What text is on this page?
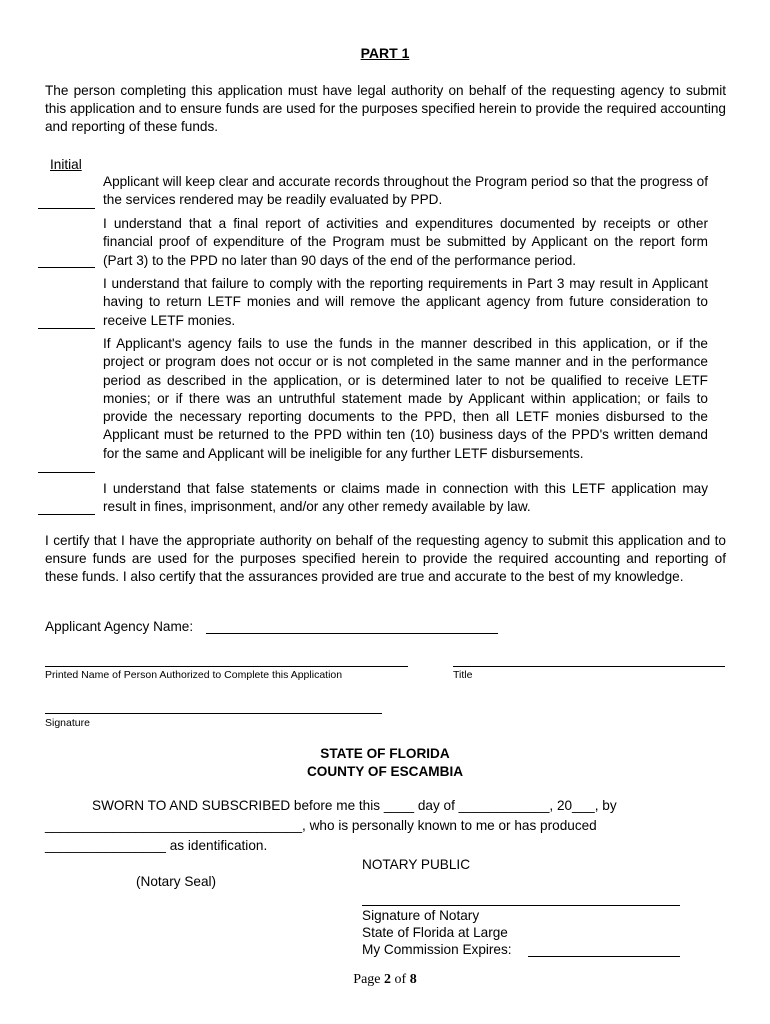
PART 1
The person completing this application must have legal authority on behalf of the requesting agency to submit this application and to ensure funds are used for the purposes specified herein to provide the required accounting and reporting of these funds.
Initial
Applicant will keep clear and accurate records throughout the Program period so that the progress of the services rendered may be readily evaluated by PPD.
I understand that a final report of activities and expenditures documented by receipts or other financial proof of expenditure of the Program must be submitted by Applicant on the report form (Part 3) to the PPD no later than 90 days of the end of the performance period.
I understand that failure to comply with the reporting requirements in Part 3 may result in Applicant having to return LETF monies and will remove the applicant agency from future consideration to receive LETF monies.
If Applicant's agency fails to use the funds in the manner described in this application, or if the project or program does not occur or is not completed in the same manner and in the performance period as described in the application, or is determined later to not be qualified to receive LETF monies; or if there was an untruthful statement made by Applicant within application; or fails to provide the necessary reporting documents to the PPD, then all LETF monies disbursed to the Applicant must be returned to the PPD within ten (10) business days of the PPD's written demand for the same and Applicant will be ineligible for any further LETF disbursements.
I understand that false statements or claims made in connection with this LETF application may result in fines, imprisonment, and/or any other remedy available by law.
I certify that I have the appropriate authority on behalf of the requesting agency to submit this application and to ensure funds are used for the purposes specified herein to provide the required accounting and reporting of these funds. I also certify that the assurances provided are true and accurate to the best of my knowledge.
Applicant Agency Name:
Printed Name of Person Authorized to Complete this Application	Title
Signature
STATE OF FLORIDA
COUNTY OF ESCAMBIA
SWORN TO AND SUBSCRIBED before me this ____ day of ____________, 20___, by
__________________________________, who is personally known to me or has produced
________________ as identification.
NOTARY PUBLIC
(Notary Seal)
Signature of Notary
State of Florida at Large
My Commission Expires:
Page 2 of 8
